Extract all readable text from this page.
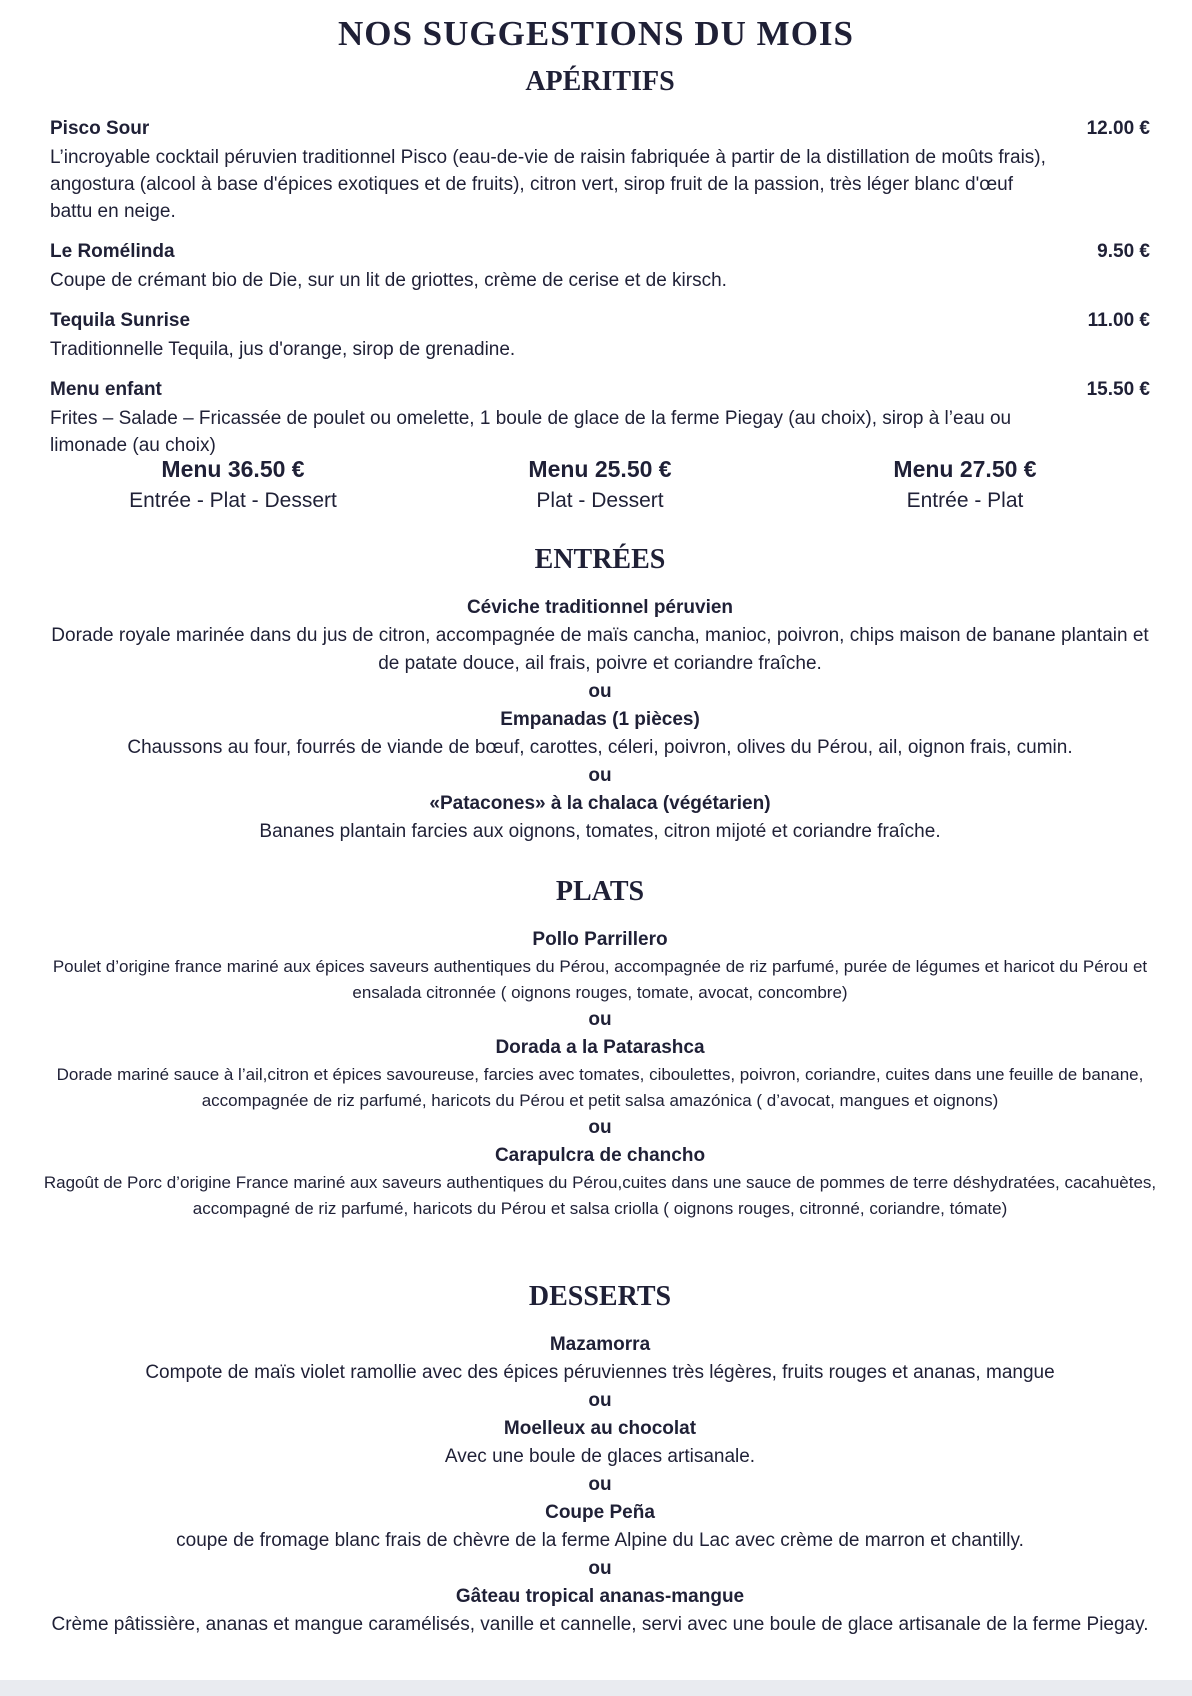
NOS SUGGESTIONS DU MOIS
APÉRITIFS
Pisco Sour	12.00 €
L’incroyable cocktail péruvien traditionnel Pisco (eau-de-vie de raisin fabriquée à partir de la distillation de moûts frais), angostura (alcool à base d'épices exotiques et de fruits), citron vert, sirop fruit de la passion, très léger blanc d'œuf battu en neige.
Le Romélinda	9.50 €
Coupe de crémant bio de Die, sur un lit de griottes, crème de cerise et de kirsch.
Tequila Sunrise	11.00 €
Traditionnelle Tequila, jus d'orange, sirop de grenadine.
Menu enfant	15.50 €
Frites – Salade – Fricassée de poulet ou omelette, 1 boule de glace de la ferme Piegay (au choix), sirop à l’eau ou limonade (au choix)
Menu 36.50 €
Entrée - Plat - Dessert
Menu 25.50 €
Plat - Dessert
Menu 27.50 €
Entrée - Plat
ENTRÉES
Céviche traditionnel péruvien
Dorade royale marinée dans du jus de citron, accompagnée de maïs cancha, manioc, poivron, chips maison de banane plantain et de patate douce, ail frais, poivre et coriandre fraîche.
ou
Empanadas (1 pièces)
Chaussons au four, fourrés de viande de bœuf, carottes, céleri, poivron, olives du Pérou, ail, oignon frais, cumin.
ou
«Patacones» à la chalaca (végétarien)
Bananes plantain farcies aux oignons, tomates, citron mijoté et coriandre fraîche.
PLATS
Pollo Parrillero
Poulet d’origine france mariné aux épices saveurs authentiques du Pérou, accompagnée de riz parfumé, purée de légumes et haricot du Pérou et ensalada citronnée ( oignons rouges, tomate, avocat, concombre)
ou
Dorada a la Patarashca
Dorade mariné sauce à l’ail,citron et épices savoureuse, farcies avec tomates, ciboulettes, poivron, coriandre, cuites dans une feuille de banane, accompagnée de riz parfumé, haricots du Pérou et petit salsa amazónica ( d’avocat, mangues et oignons)
ou
Carapulcra de chancho
Ragoût de Porc d’origine France mariné aux saveurs authentiques du Pérou,cuites dans une sauce de pommes de terre déshydratées, cacahuètes, accompagné de riz parfumé, haricots du Pérou et salsa criolla ( oignons rouges, citronné, coriandre, tómate)
DESSERTS
Mazamorra
Compote de maïs violet ramollie avec des épices péruviennes très légères, fruits rouges et ananas, mangue
ou
Moelleux au chocolat
Avec une boule de glaces artisanale.
ou
Coupe Peña
coupe de fromage blanc frais de chèvre de la ferme Alpine du Lac avec crème de marron et chantilly.
ou
Gâteau tropical ananas-mangue
Crème pâtissière, ananas et mangue caramélisés, vanille et cannelle, servi avec une boule de glace artisanale de la ferme Piegay.
